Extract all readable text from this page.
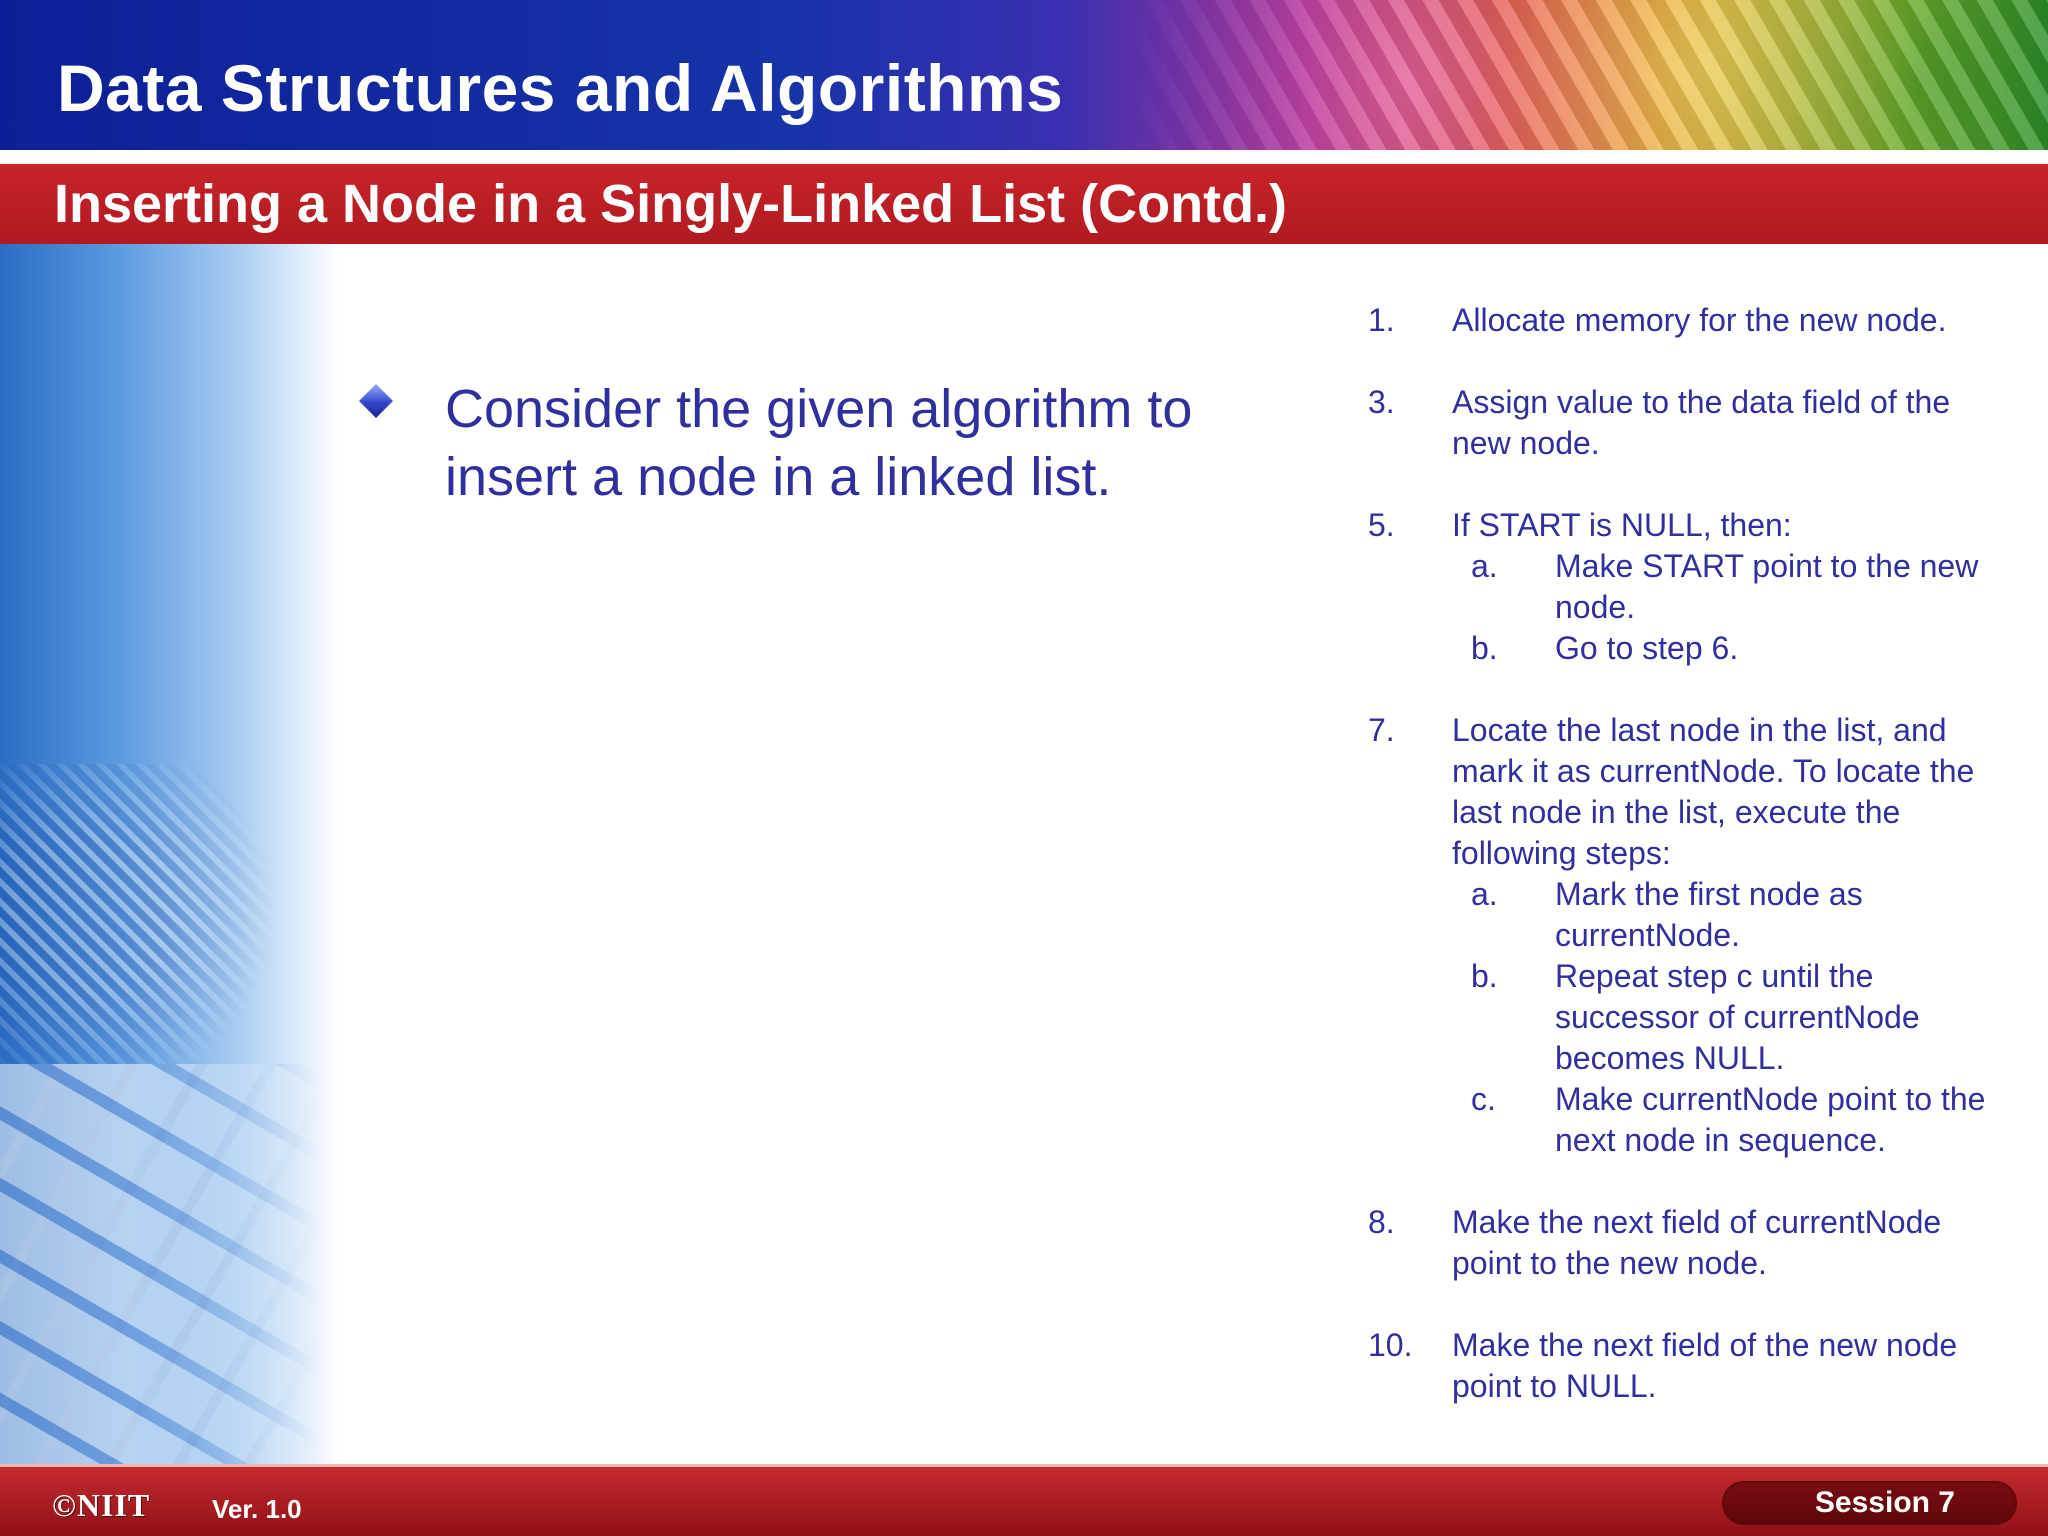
Data Structures and Algorithms
Inserting a Node in a Singly-Linked List (Contd.)

Consider the given algorithm to insert a node in a linked list.

1. Allocate memory for the new node.
3. Assign value to the data field of the new node.
5. If START is NULL, then:
a. Make START point to the new node.
b. Go to step 6.
7. Locate the last node in the list, and mark it as currentNode. To locate the last node in the list, execute the following steps:
a. Mark the first node as currentNode.
b. Repeat step c until the successor of currentNode becomes NULL.
c. Make currentNode point to the next node in sequence.
8. Make the next field of currentNode point to the new node.
10. Make the next field of the new node point to NULL.
©NIIT Ver. 1.0	Session 7
